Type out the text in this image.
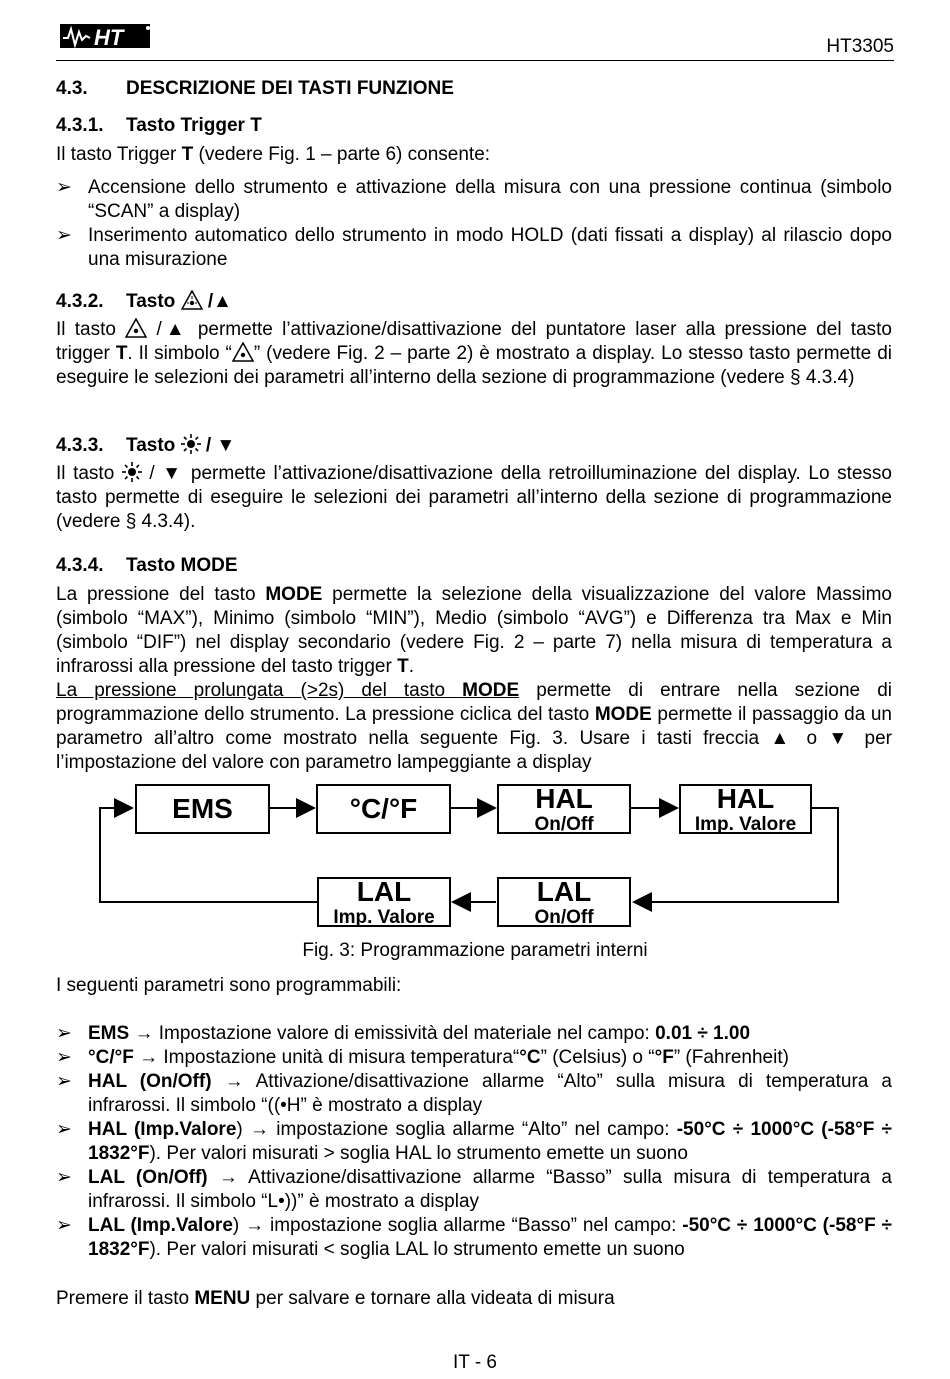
HT	HT3305
4.3. DESCRIZIONE DEI TASTI FUNZIONE
4.3.1. Tasto Trigger T
Il tasto Trigger T (vedere Fig. 1 – parte 6) consente:
➢ Accensione dello strumento e attivazione della misura con una pressione continua (simbolo “SCAN” a display)
➢ Inserimento automatico dello strumento in modo HOLD (dati fissati a display) al rilascio dopo una misurazione
4.3.2. Tasto  /▲
Il tasto  /▲ permette l’attivazione/disattivazione del puntatore laser alla pressione del tasto trigger T. Il simbolo “ ” (vedere Fig. 2 – parte 2) è mostrato a display. Lo stesso tasto permette di eseguire le selezioni dei parametri all’interno della sezione di programmazione (vedere § 4.3.4)
4.3.3. Tasto  / ▼
Il tasto  / ▼ permette l’attivazione/disattivazione della retroilluminazione del display. Lo stesso tasto permette di eseguire le selezioni dei parametri all’interno della sezione di programmazione (vedere § 4.3.4).
4.3.4. Tasto MODE
La pressione del tasto MODE permette la selezione della visualizzazione del valore Massimo (simbolo “MAX”), Minimo (simbolo “MIN”), Medio (simbolo “AVG”) e Differenza tra Max e Min (simbolo “DIF”) nel display secondario (vedere Fig. 2 – parte 7) nella misura di temperatura a infrarossi alla pressione del tasto trigger T.
La pressione prolungata (>2s) del tasto MODE permette di entrare nella sezione di programmazione dello strumento. La pressione ciclica del tasto MODE permette il passaggio da un parametro all’altro come mostrato nella seguente Fig. 3. Usare i tasti freccia ▲ o ▼ per l’impostazione del valore con parametro lampeggiante a display
EMS	°C/°F	HAL
On/Off
HAL
Imp. Valore
LAL
On/Off
LAL
Imp. Valore
Fig. 3: Programmazione parametri interni
I seguenti parametri sono programmabili:
➢ EMS → Impostazione valore di emissività del materiale nel campo: 0.01 ÷ 1.00
➢ °C/°F → Impostazione unità di misura temperatura“°C” (Celsius) o “°F” (Fahrenheit)
➢ HAL (On/Off) → Attivazione/disattivazione allarme “Alto” sulla misura di temperatura a infrarossi. Il simbolo “((•H” è mostrato a display
➢ HAL (Imp.Valore) → impostazione soglia allarme “Alto” nel campo: -50°C ÷ 1000°C (-58°F ÷ 1832°F). Per valori misurati > soglia HAL lo strumento emette un suono
➢ LAL (On/Off) → Attivazione/disattivazione allarme “Basso” sulla misura di temperatura a infrarossi. Il simbolo “L•))” è mostrato a display
➢ LAL (Imp.Valore) → impostazione soglia allarme “Basso” nel campo: -50°C ÷ 1000°C (-58°F ÷ 1832°F). Per valori misurati < soglia LAL lo strumento emette un suono
Premere il tasto MENU per salvare e tornare alla videata di misura
IT - 6
